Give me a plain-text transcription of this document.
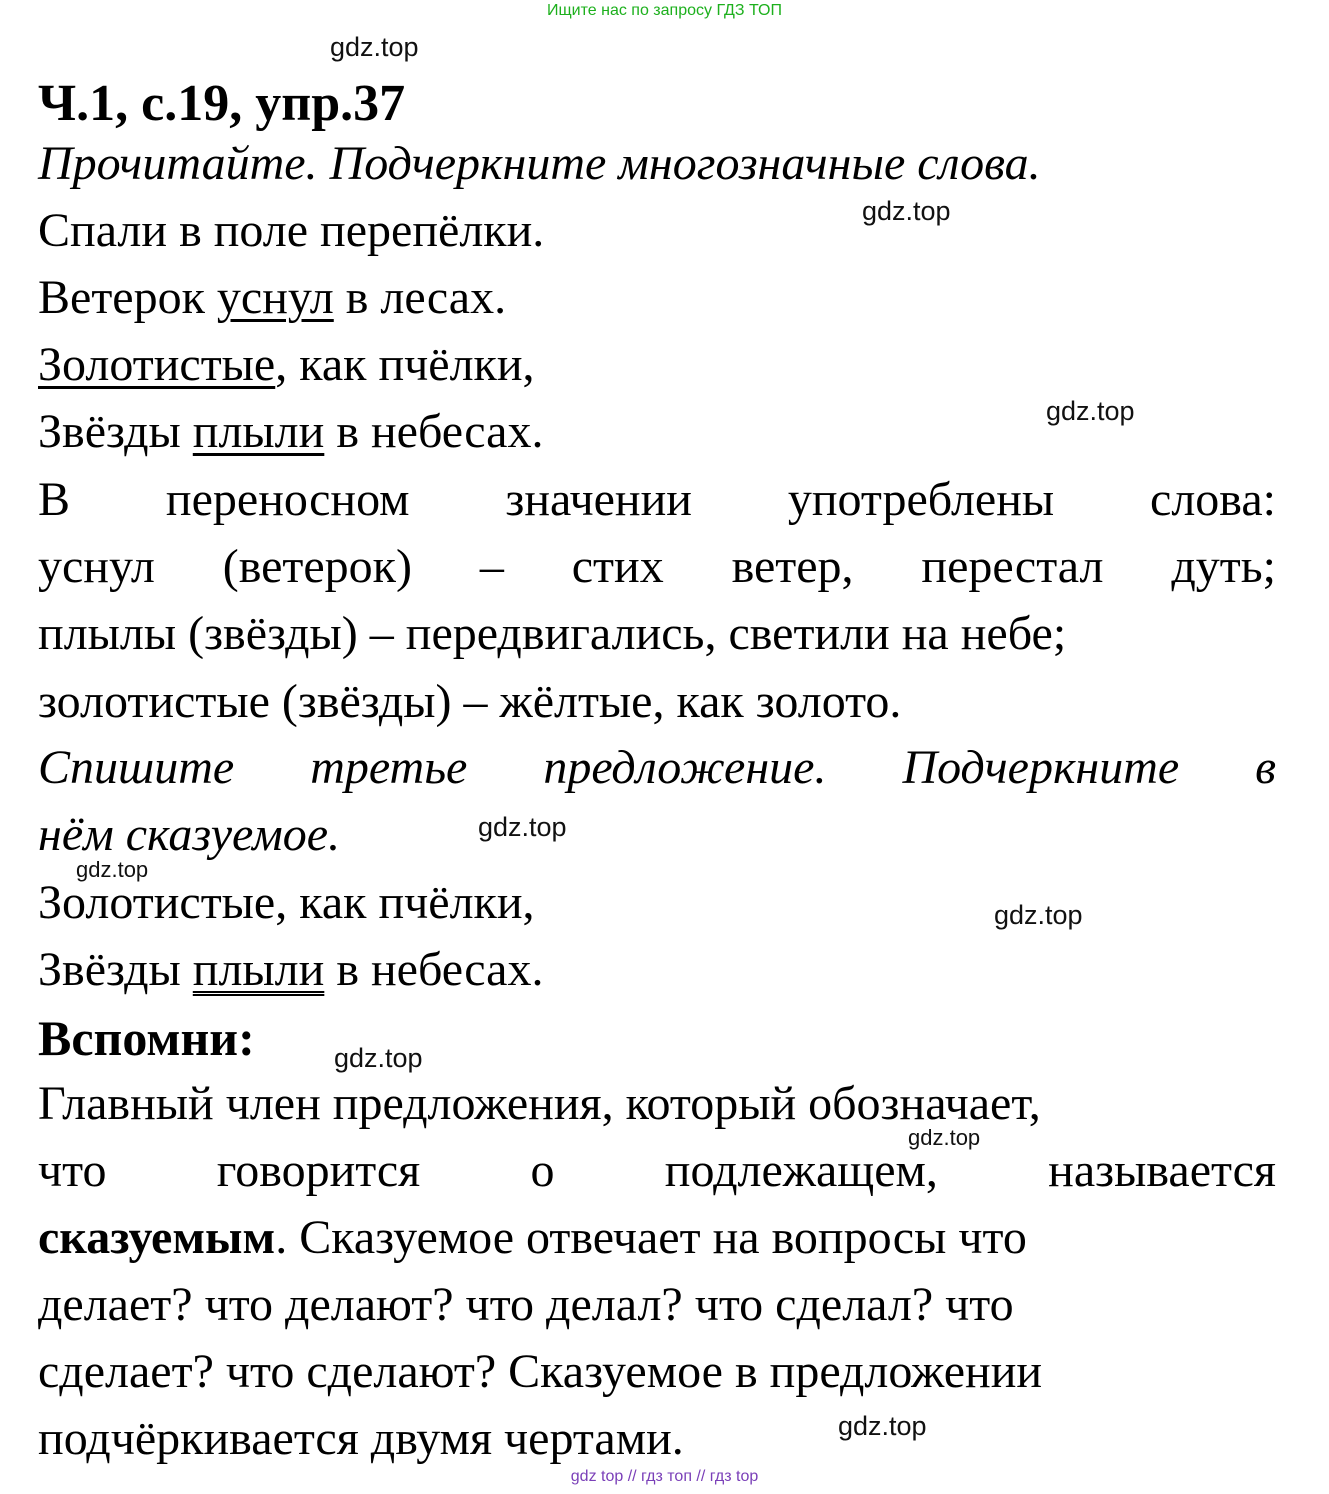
Ищите нас по запросу ГДЗ ТОП
Ч.1, с.19, упр.37
Прочитайте. Подчеркните многозначные слова.
Спали в поле перепёлки.
Ветерок уснул в лесах.
Золотистые, как пчёлки,
Звёзды плыли в небесах.
В переносном значении употреблены слова:
уснул (ветерок) – стих ветер, перестал дуть;
плылы (звёзды) – передвигались, светили на небе;
золотистые (звёзды) – жёлтые, как золото.
Спишите третье предложение. Подчеркните в
нём сказуемое.
Золотистые, как пчёлки,
Звёзды плыли в небесах.
Вспомни:
Главный член предложения, который обозначает,
что говорится о подлежащем, называется
сказуемым. Сказуемое отвечает на вопросы что
делает? что делают? что делал? что сделал? что
сделает? что сделают? Сказуемое в предложении
подчёркивается двумя чертами.
gdz.top
gdz.top
gdz.top
gdz.top
gdz.top
gdz.top
gdz.top
gdz.top
gdz.top
gdz top // гдз топ // гдз top
